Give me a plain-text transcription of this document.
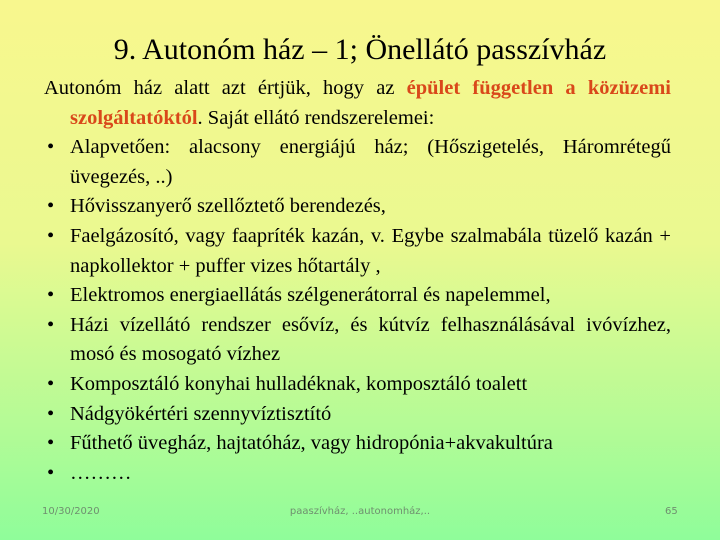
9. Autonóm ház – 1; Önellátó passzívház

Autonóm ház alatt azt értjük, hogy az épület független a közüzemi szolgáltatóktól. Saját ellátó rendszerelemei:

• Alapvetően: alacsony energiájú ház; (Hőszigetelés, Háromrétegű üvegezés, ..)
• Hővisszanyerő szellőztető berendezés,
• Faelgázosító, vagy faapríték kazán, v. Egybe szalmabála tüzelő kazán + napkollektor + puffer vizes hőtartály ,
• Elektromos energiaellátás szélgenerátorral és napelemmel,
• Házi vízellátó rendszer esővíz, és kútvíz felhasználásával ivóvízhez, mosó és mosogató vízhez
• Komposztáló konyhai hulladéknak, komposztáló toalett
• Nádgyökértéri szennyvíztisztító
• Fűthető üvegház, hajtatóház, vagy hidropónia+akvakultúra
• ………
10/30/2020	paaszívház, ..autonomház,..	65
